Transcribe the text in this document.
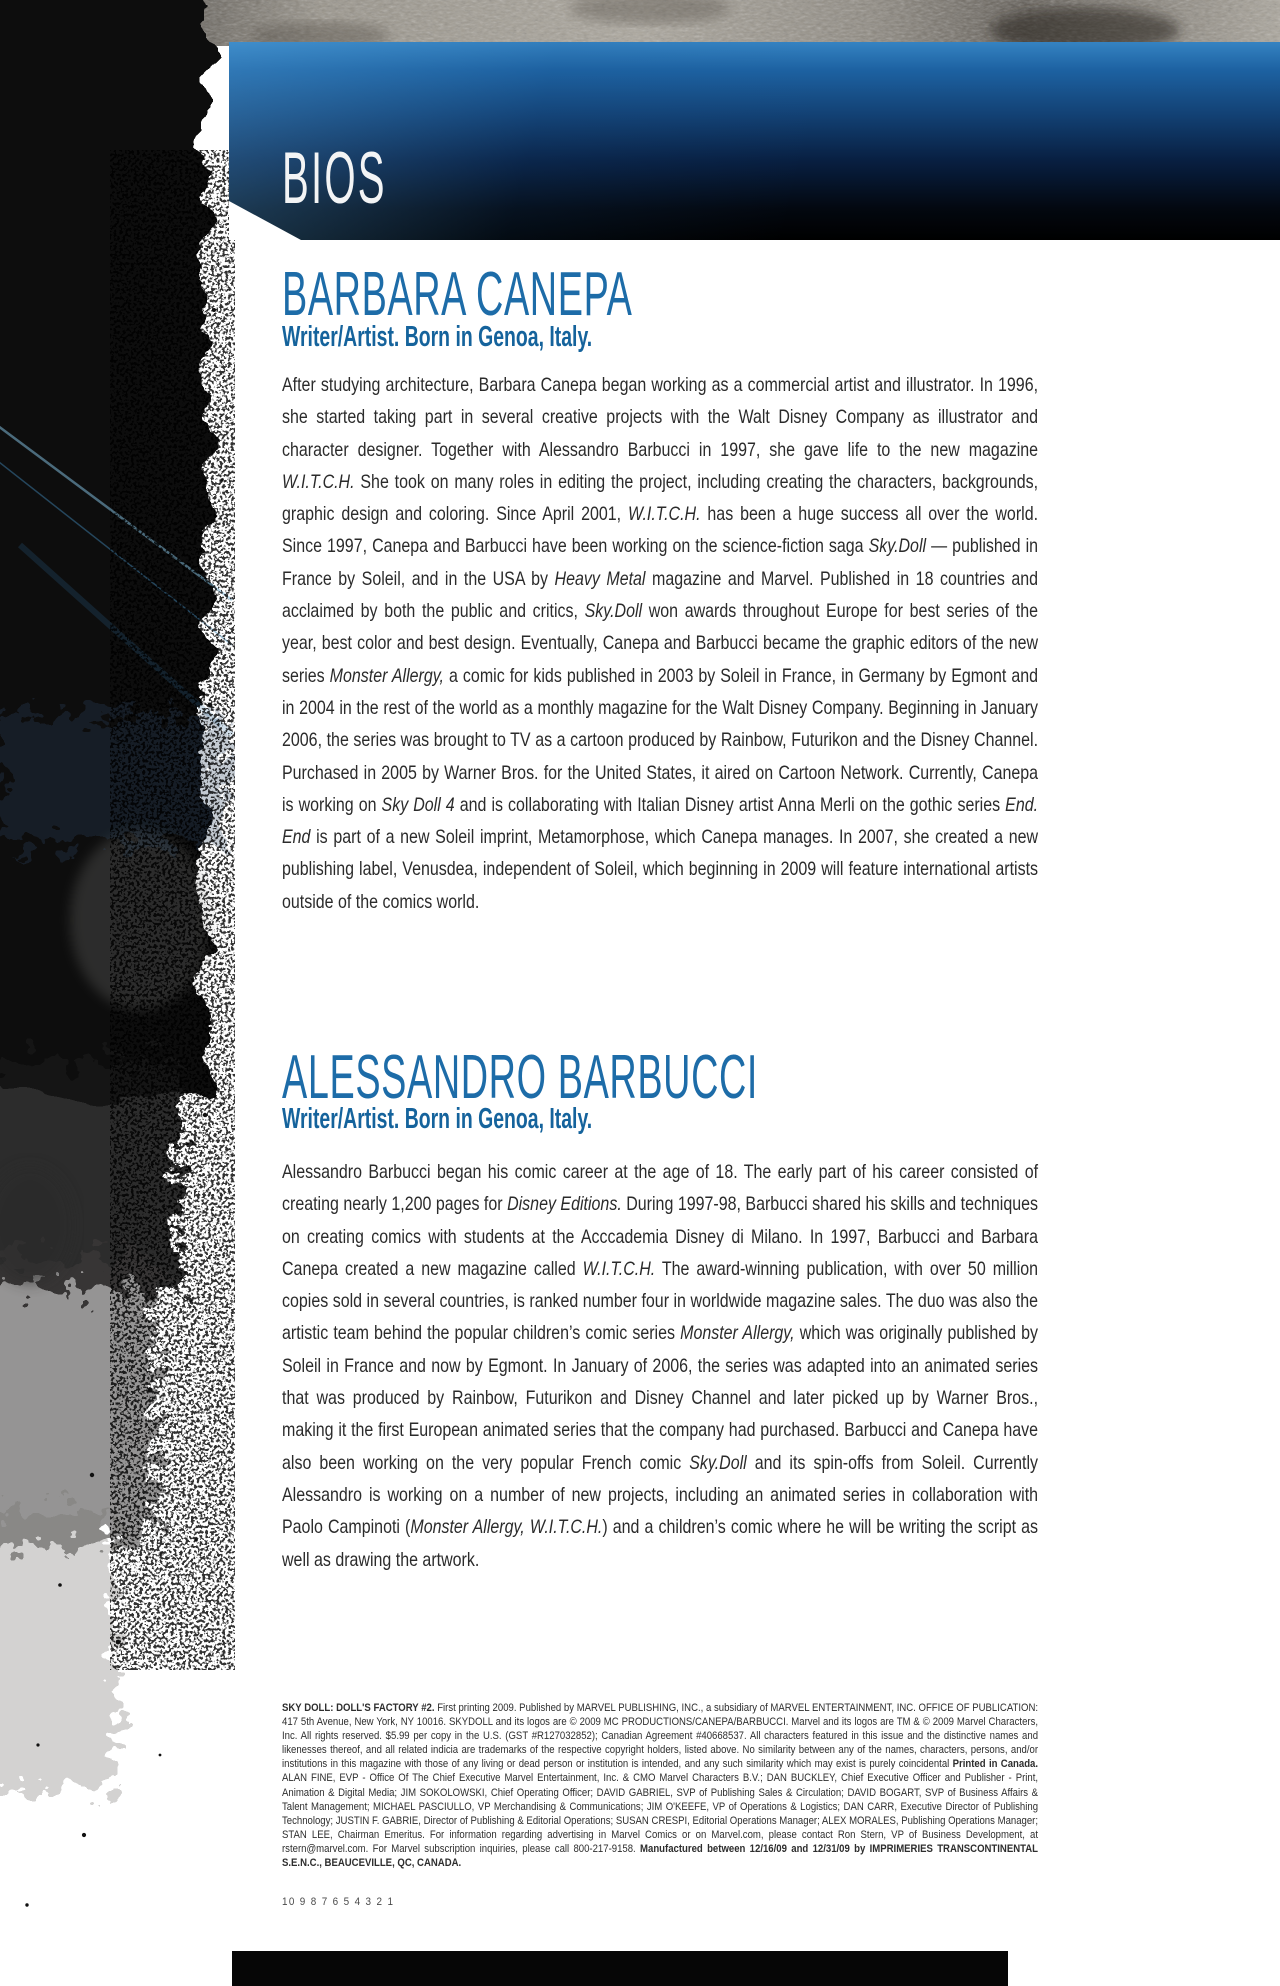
BIOS
BARBARA CANEPA
Writer/Artist. Born in Genoa, Italy.

After studying architecture, Barbara Canepa began working as a commercial artist and illustrator. In 1996, she started taking part in several creative projects with the Walt Disney Company as illustrator and character designer. Together with Alessandro Barbucci in 1997, she gave life to the new magazine W.I.T.C.H. She took on many roles in editing the project, including creating the characters, backgrounds, graphic design and coloring. Since April 2001, W.I.T.C.H. has been a huge success all over the world. Since 1997, Canepa and Barbucci have been working on the science-fiction saga Sky.Doll — published in France by Soleil, and in the USA by Heavy Metal magazine and Marvel. Published in 18 countries and acclaimed by both the public and critics, Sky.Doll won awards throughout Europe for best series of the year, best color and best design. Eventually, Canepa and Barbucci became the graphic editors of the new series Monster Allergy, a comic for kids published in 2003 by Soleil in France, in Germany by Egmont and in 2004 in the rest of the world as a monthly magazine for the Walt Disney Company. Beginning in January 2006, the series was brought to TV as a cartoon produced by Rainbow, Futurikon and the Disney Channel. Purchased in 2005 by Warner Bros. for the United States, it aired on Cartoon Network. Currently, Canepa is working on Sky Doll 4 and is collaborating with Italian Disney artist Anna Merli on the gothic series End. End is part of a new Soleil imprint, Metamorphose, which Canepa manages. In 2007, she created a new publishing label, Venusdea, independent of Soleil, which beginning in 2009 will feature international artists outside of the comics world.

ALESSANDRO BARBUCCI
Writer/Artist. Born in Genoa, Italy.

Alessandro Barbucci began his comic career at the age of 18. The early part of his career consisted of creating nearly 1,200 pages for Disney Editions. During 1997-98, Barbucci shared his skills and techniques on creating comics with students at the Acccademia Disney di Milano. In 1997, Barbucci and Barbara Canepa created a new magazine called W.I.T.C.H. The award-winning publication, with over 50 million copies sold in several countries, is ranked number four in worldwide magazine sales. The duo was also the artistic team behind the popular children’s comic series Monster Allergy, which was originally published by Soleil in France and now by Egmont. In January of 2006, the series was adapted into an animated series that was produced by Rainbow, Futurikon and Disney Channel and later picked up by Warner Bros., making it the first European animated series that the company had purchased. Barbucci and Canepa have also been working on the very popular French comic Sky.Doll and its spin-offs from Soleil. Currently Alessandro is working on a number of new projects, including an animated series in collaboration with Paolo Campinoti (Monster Allergy, W.I.T.C.H.) and a children’s comic where he will be writing the script as well as drawing the artwork.

SKY DOLL: DOLL'S FACTORY #2. First printing 2009. Published by MARVEL PUBLISHING, INC., a subsidiary of MARVEL ENTERTAINMENT, INC. OFFICE OF PUBLICATION: 417 5th Avenue, New York, NY 10016. SKYDOLL and its logos are © 2009 MC PRODUCTIONS/CANEPA/BARBUCCI. Marvel and its logos are TM & © 2009 Marvel Characters, Inc. All rights reserved. $5.99 per copy in the U.S. (GST #R127032852); Canadian Agreement #40668537. All characters featured in this issue and the distinctive names and likenesses thereof, and all related indicia are trademarks of the respective copyright holders, listed above. No similarity between any of the names, characters, persons, and/or institutions in this magazine with those of any living or dead person or institution is intended, and any such similarity which may exist is purely coincidental Printed in Canada. ALAN FINE, EVP - Office Of The Chief Executive Marvel Entertainment, Inc. & CMO Marvel Characters B.V.; DAN BUCKLEY, Chief Executive Officer and Publisher - Print, Animation & Digital Media; JIM SOKOLOWSKI, Chief Operating Officer; DAVID GABRIEL, SVP of Publishing Sales & Circulation; DAVID BOGART, SVP of Business Affairs & Talent Management; MICHAEL PASCIULLO, VP Merchandising & Communications; JIM O'KEEFE, VP of Operations & Logistics; DAN CARR, Executive Director of Publishing Technology; JUSTIN F. GABRIE, Director of Publishing & Editorial Operations; SUSAN CRESPI, Editorial Operations Manager; ALEX MORALES, Publishing Operations Manager; STAN LEE, Chairman Emeritus. For information regarding advertising in Marvel Comics or on Marvel.com, please contact Ron Stern, VP of Business Development, at rstern@marvel.com. For Marvel subscription inquiries, please call 800-217-9158. Manufactured between 12/16/09 and 12/31/09 by IMPRIMERIES TRANSCONTINENTAL S.E.N.C., BEAUCEVILLE, QC, CANADA.

10 9 8 7 6 5 4 3 2 1
